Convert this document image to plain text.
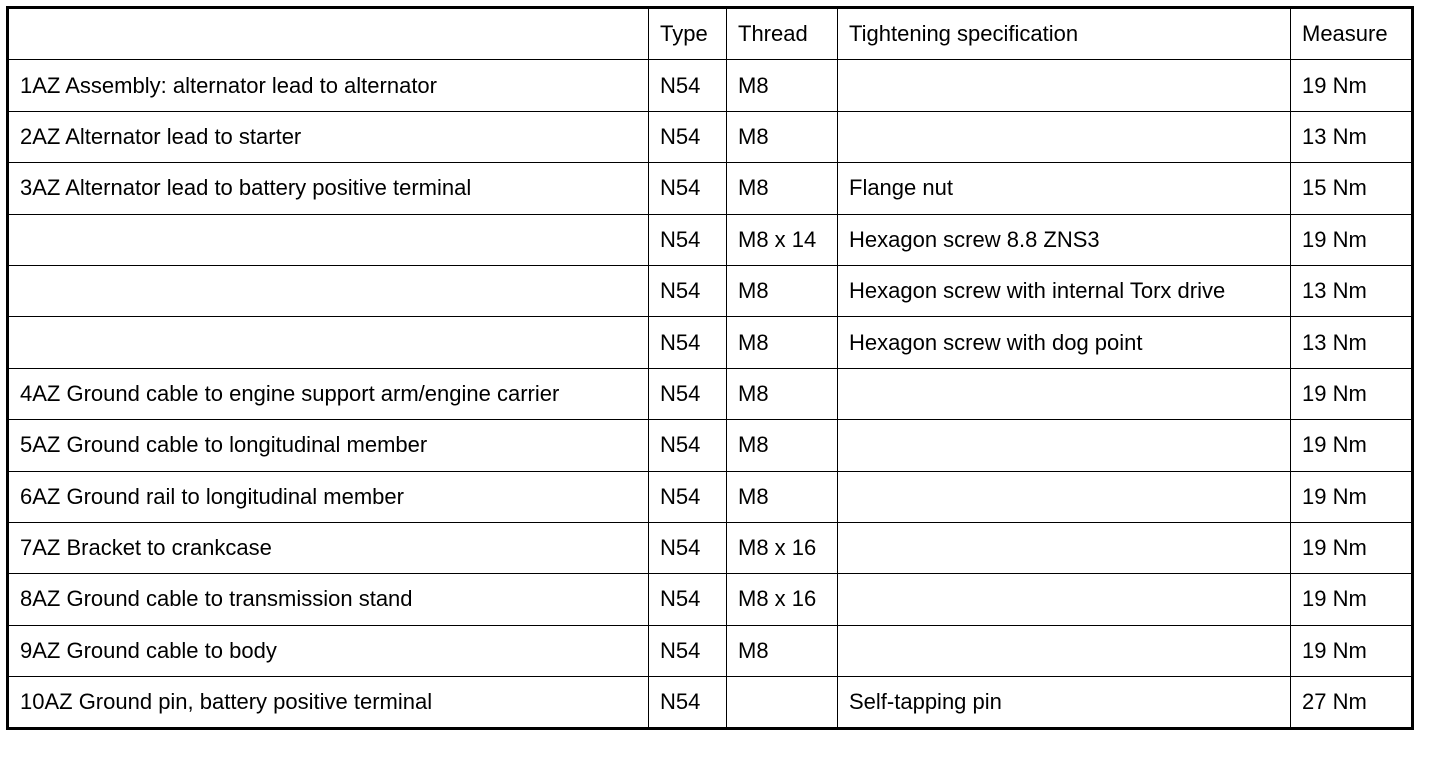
	Type	Thread	Tightening specification	Measure
1AZ Assembly: alternator lead to alternator	N54	M8		19 Nm
2AZ Alternator lead to starter	N54	M8		13 Nm
3AZ Alternator lead to battery positive terminal	N54	M8	Flange nut	15 Nm
	N54	M8 x 14	Hexagon screw 8.8 ZNS3	19 Nm
	N54	M8	Hexagon screw with internal Torx drive	13 Nm
	N54	M8	Hexagon screw with dog point	13 Nm
4AZ Ground cable to engine support arm/engine carrier	N54	M8		19 Nm
5AZ Ground cable to longitudinal member	N54	M8		19 Nm
6AZ Ground rail to longitudinal member	N54	M8		19 Nm
7AZ Bracket to crankcase	N54	M8 x 16		19 Nm
8AZ Ground cable to transmission stand	N54	M8 x 16		19 Nm
9AZ Ground cable to body	N54	M8		19 Nm
10AZ Ground pin, battery positive terminal	N54		Self-tapping pin	27 Nm
